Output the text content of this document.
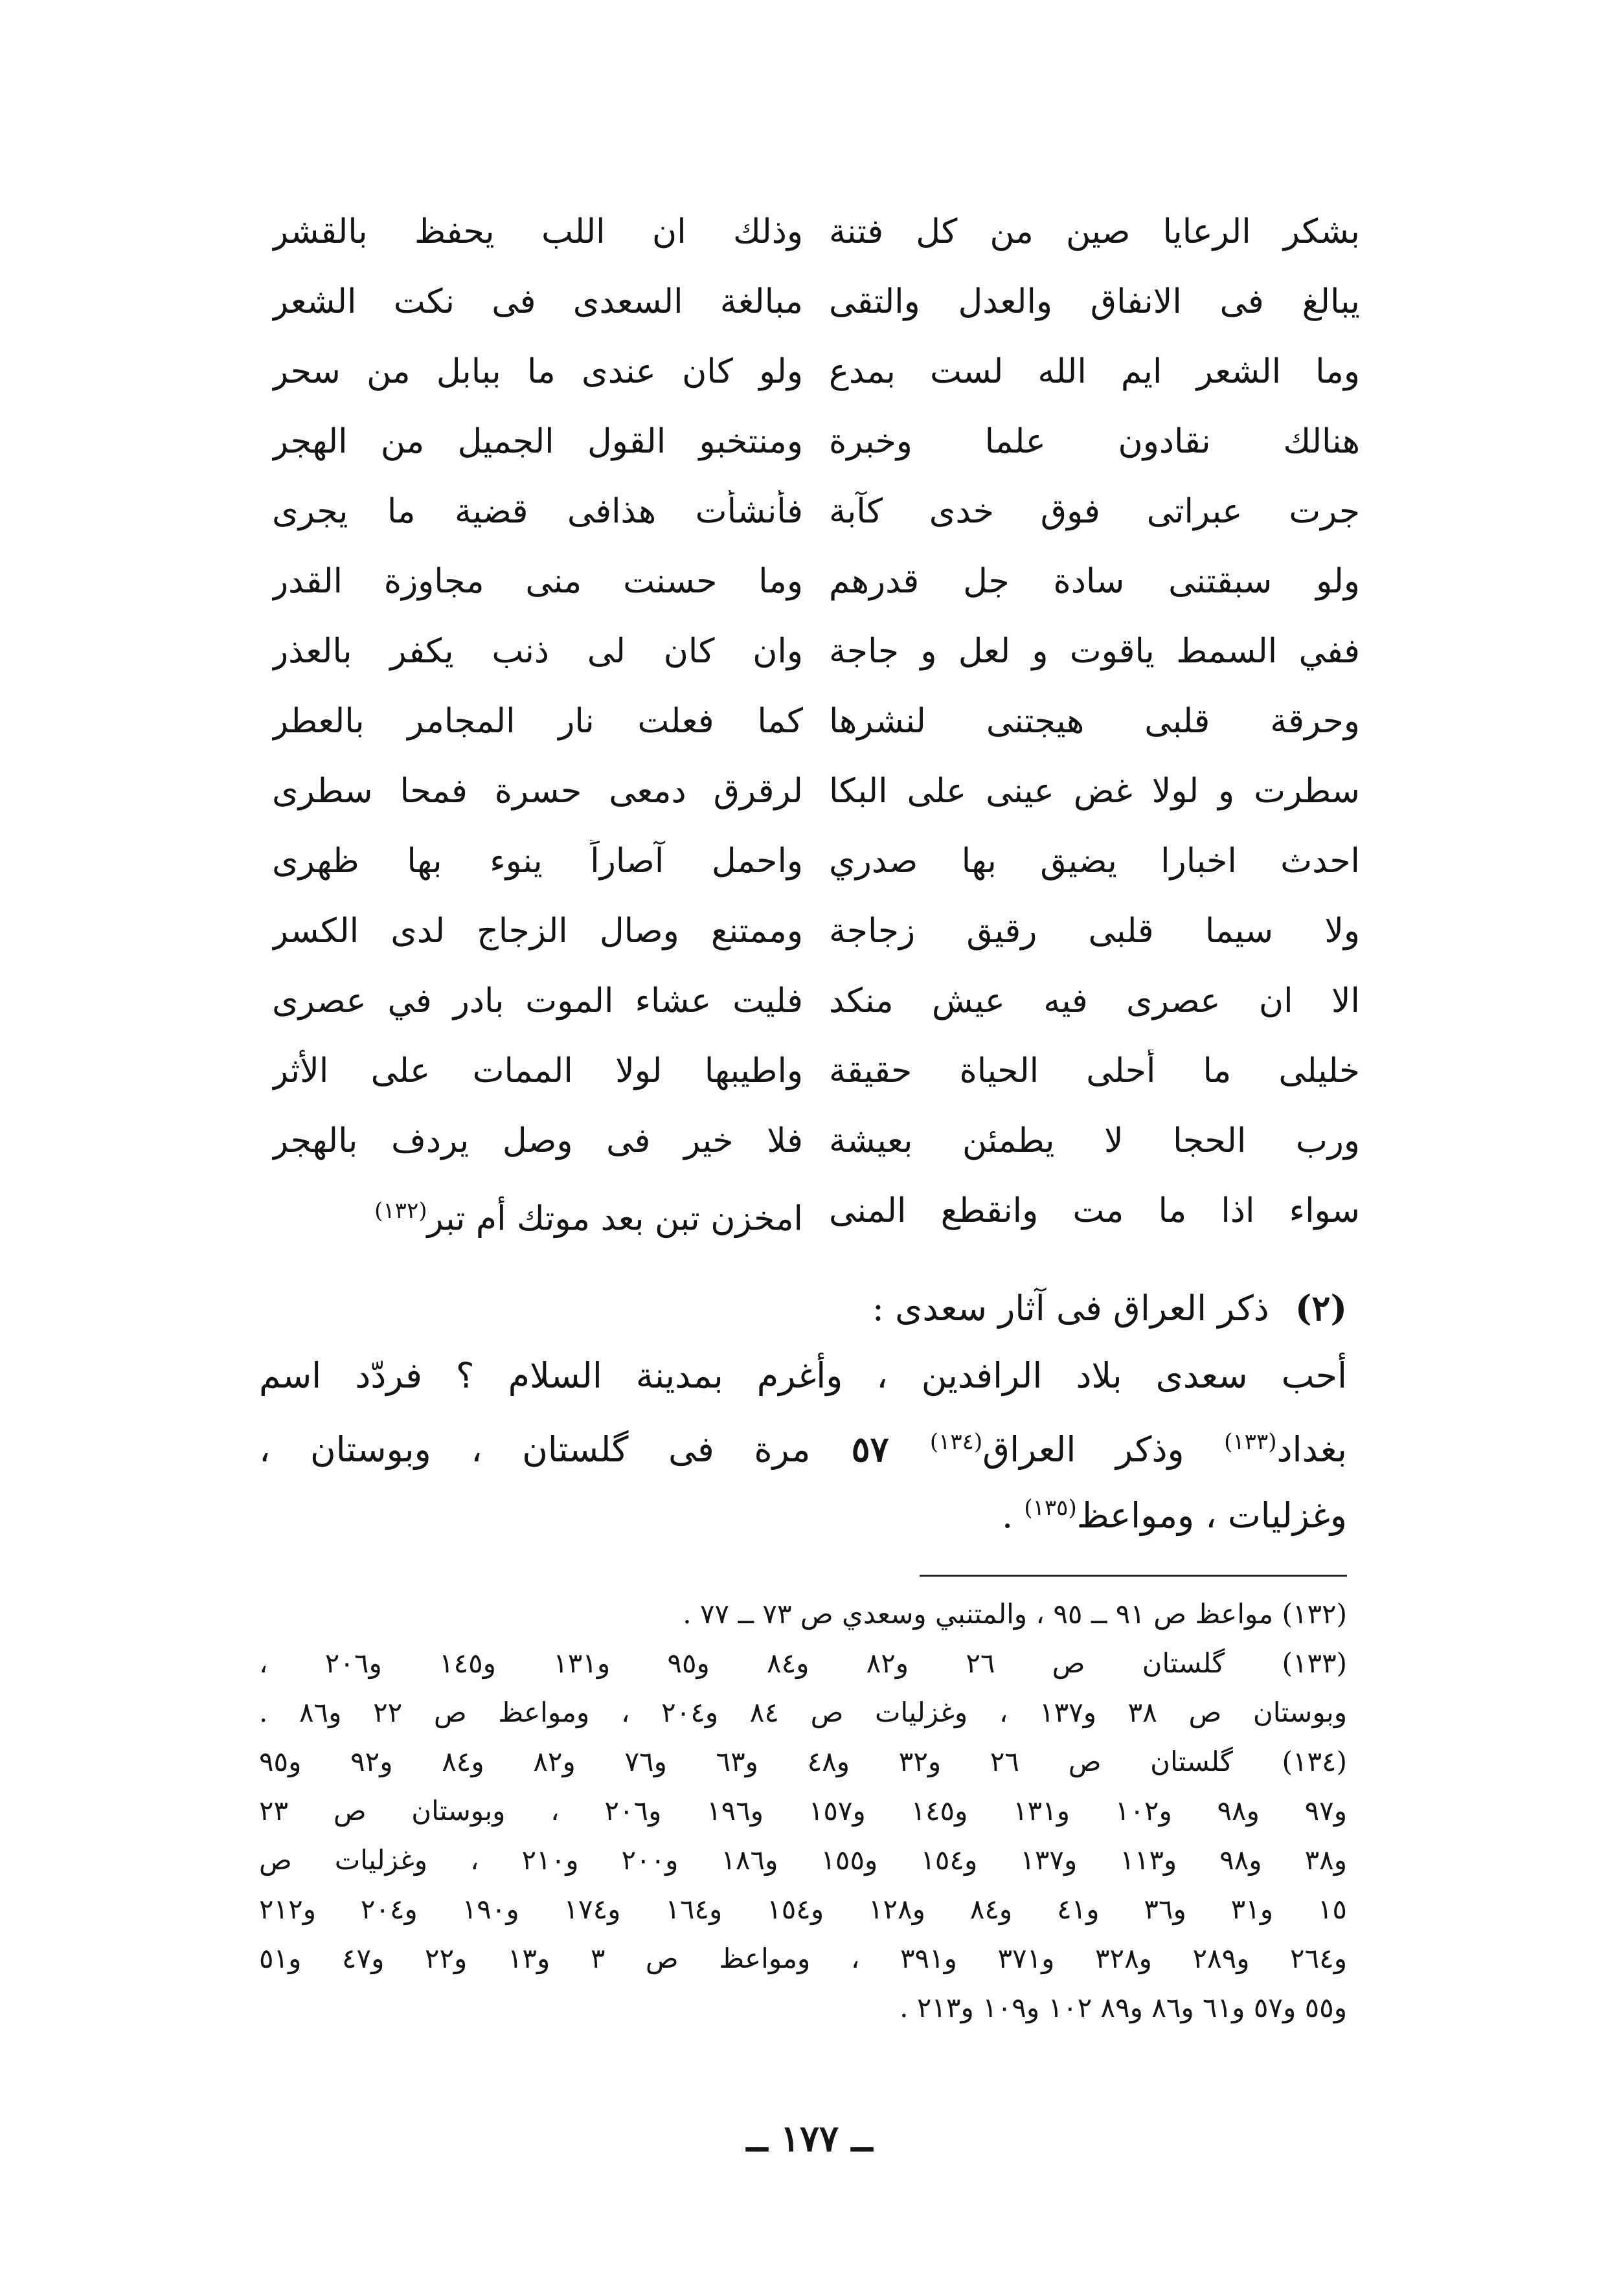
بشكر الرعايا صين من كل فتنة
يبالغ فى الانفاق والعدل والتقى
وما الشعر ايم الله لست بمدع
هنالك نقادون علما وخبرة
جرت عبراتى فوق خدى كآبة
ولو سبقتنى سادة جل قدرهم
ففي السمط ياقوت و لعل و جاجة
وحرقة قلبى هيجتنى لنشرها
سطرت و لولا غض عينى على البكا
احدث اخبارا يضيق بها صدري
ولا سيما قلبى رقيق زجاجة
الا ان عصرى فيه عيش منكد
خليلى ما أحلى الحياة حقيقة
ورب الحجا لا يطمئن بعيشة
سواء اذا ما مت وانقطع المنى
وذلك ان اللب يحفظ بالقشر
مبالغة السعدى فى نكت الشعر
ولو كان عندى ما ببابل من سحر
ومنتخبو القول الجميل من الهجر
فأنشأت هذافى قضية ما يجرى
وما حسنت منى مجاوزة القدر
وان كان لى ذنب يكفر بالعذر
كما فعلت نار المجامر بالعطر
لرقرق دمعى حسرة فمحا سطرى
واحمل آصاراً ينوء بها ظهرى
وممتنع وصال الزجاج لدى الكسر
فليت عشاء الموت بادر في عصرى
واطيبها لولا الممات على الأثر
فلا خير فى وصل يردف بالهجر
امخزن تبن بعد موتك أم تبر$^{(١٣٢)}$
(٢)ذكر العراق فى آثار سعدى :
أحب سعدى بلاد الرافدين ، وأغرم بمدينة السلام ؟ فردّد اسم
بغداد$^{(١٣٣)}$ وذكر العراق$^{(١٣٤)}$ ٥٧ مرة فى گلستان ، وبوستان ،
وغزليات ، ومواعظ$^{(١٣٥)}$ .
(١٣٢) مواعظ ص ٩١ ــ ٩٥ ، والمتنبي وسعدي ص ٧٣ ــ ٧٧ .
(١٣٣) گلستان ص ٢٦ و٨٢ و٨٤ و٩٥ و١٣١ و١٤٥ و٢٠٦ ،
وبوستان ص ٣٨ و١٣٧ ، وغزليات ص ٨٤ و٢٠٤ ، ومواعظ ص ٢٢ و٨٦ .
(١٣٤) گلستان ص ٢٦ و٣٢ و٤٨ و٦٣ و٧٦ و٨٢ و٨٤ و٩٢ و٩٥
و٩٧ و٩٨ و١٠٢ و١٣١ و١٤٥ و١٥٧ و١٩٦ و٢٠٦ ، وبوستان ص ٢٣
و٣٨ و٩٨ و١١٣ و١٣٧ و١٥٤ و١٥٥ و١٨٦ و٢٠٠ و٢١٠ ، وغزليات ص
١٥ و٣١ و٣٦ و٤١ و٨٤ و١٢٨ و١٥٤ و١٦٤ و١٧٤ و١٩٠ و٢٠٤ و٢١٢
و٢٦٤ و٢٨٩ و٣٢٨ و٣٧١ و٣٩١ ، ومواعظ ص ٣ و١٣ و٢٢ و٤٧ و٥١
و٥٥ و٥٧ و٦١ و٨٦ و٨٩ ١٠٢ و١٠٩ و٢١٣ .
ــ ١٧٧ ــ
